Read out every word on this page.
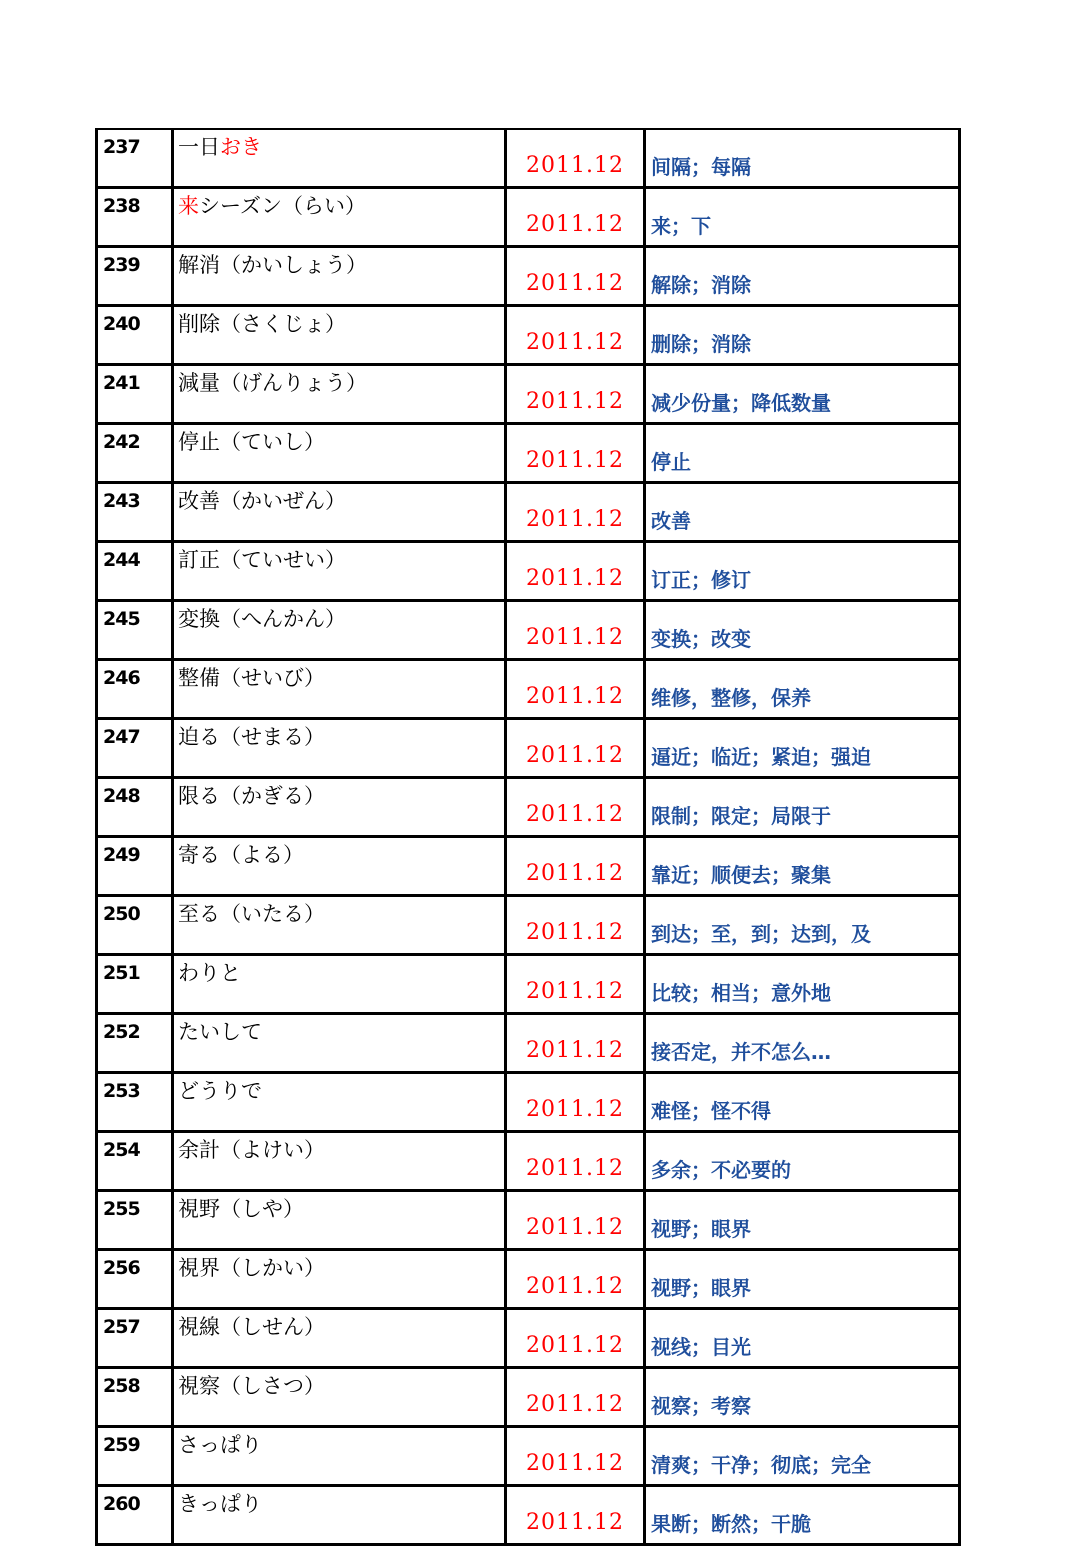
237	一日おき	2011.12	间隔；每隔
238	来シーズン（らい）	2011.12	来；下
239	解消（かいしょう）	2011.12	解除；消除
240	削除（さくじょ）	2011.12	删除；消除
241	減量（げんりょう）	2011.12	减少份量；降低数量
242	停止（ていし）	2011.12	停止
243	改善（かいぜん）	2011.12	改善
244	訂正（ていせい）	2011.12	订正；修订
245	変換（へんかん）	2011.12	变换；改变
246	整備（せいび）	2011.12	维修，整修，保养
247	迫る（せまる）	2011.12	逼近；临近；紧迫；强迫
248	限る（かぎる）	2011.12	限制；限定；局限于
249	寄る（よる）	2011.12	靠近；顺便去；聚集
250	至る（いたる）	2011.12	到达；至，到；达到，及
251	わりと	2011.12	比较；相当；意外地
252	たいして	2011.12	接否定，并不怎么…
253	どうりで	2011.12	难怪；怪不得
254	余計（よけい）	2011.12	多余；不必要的
255	視野（しや）	2011.12	视野；眼界
256	視界（しかい）	2011.12	视野；眼界
257	視線（しせん）	2011.12	视线；目光
258	視察（しさつ）	2011.12	视察；考察
259	さっぱり	2011.12	清爽；干净；彻底；完全
260	きっぱり	2011.12	果断；断然；干脆
